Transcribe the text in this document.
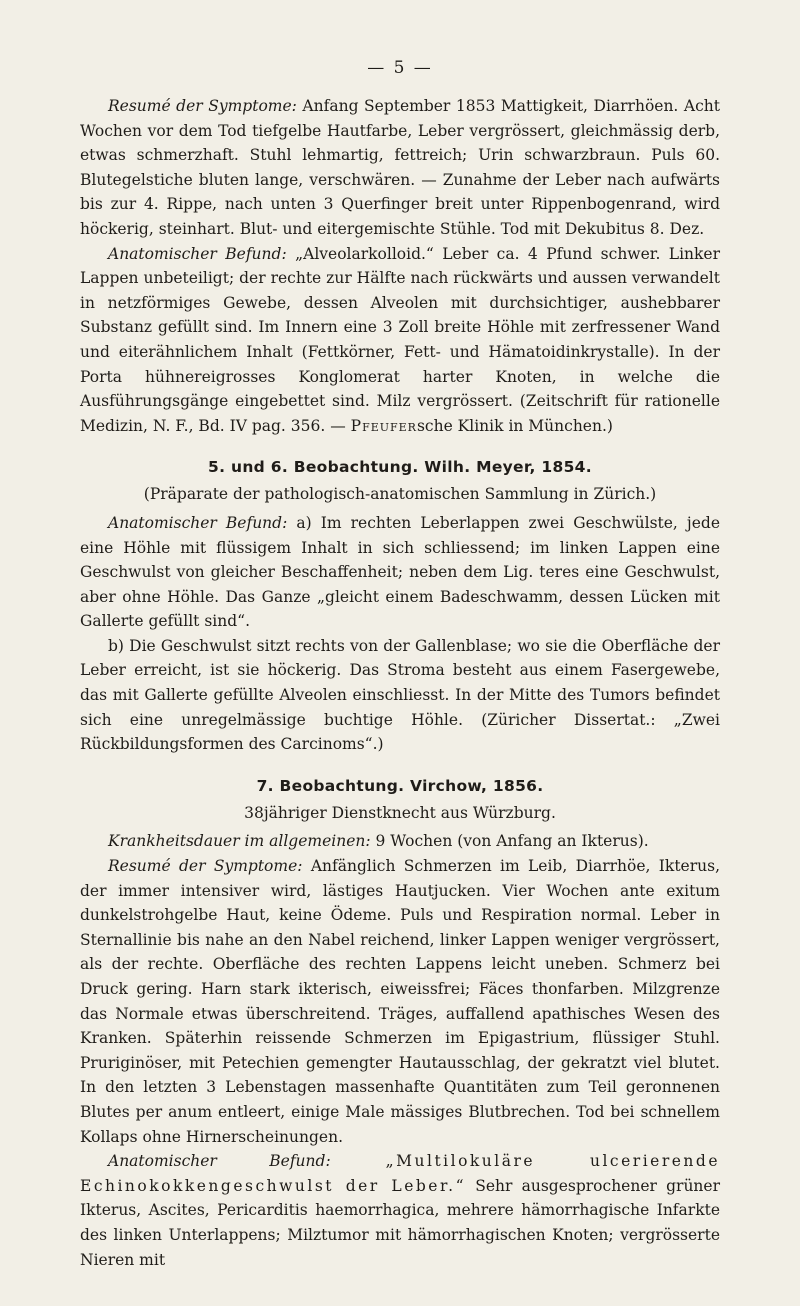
— 5 —

Resumé der Symptome: Anfang September 1853 Mattigkeit, Diarrhöen. Acht Wochen vor dem Tod tiefgelbe Hautfarbe, Leber vergrössert, gleichmässig derb, etwas schmerzhaft. Stuhl lehmartig, fettreich; Urin schwarzbraun. Puls 60. Blutegelstiche bluten lange, verschwären. — Zunahme der Leber nach aufwärts bis zur 4. Rippe, nach unten 3 Querfinger breit unter Rippenbogenrand, wird höckerig, steinhart. Blut- und eitergemischte Stühle. Tod mit Dekubitus 8. Dez.

Anatomischer Befund: „Alveolarkolloid.“ Leber ca. 4 Pfund schwer. Linker Lappen unbeteiligt; der rechte zur Hälfte nach rückwärts und aussen verwandelt in netzförmiges Gewebe, dessen Alveolen mit durchsichtiger, aushebbarer Substanz gefüllt sind. Im Innern eine 3 Zoll breite Höhle mit zerfressener Wand und eiterähnlichem Inhalt (Fettkörner, Fett- und Hämatoidinkrystalle). In der Porta hühnereigrosses Konglomerat harter Knoten, in welche die Ausführungsgänge eingebettet sind. Milz vergrössert. (Zeitschrift für rationelle Medizin, N. F., Bd. IV pag. 356. — Pfeufersche Klinik in München.)

5. und 6. Beobachtung. Wilh. Meyer, 1854.
(Präparate der pathologisch-anatomischen Sammlung in Zürich.)

Anatomischer Befund: a) Im rechten Leberlappen zwei Geschwülste, jede eine Höhle mit flüssigem Inhalt in sich schliessend; im linken Lappen eine Geschwulst von gleicher Beschaffenheit; neben dem Lig. teres eine Geschwulst, aber ohne Höhle. Das Ganze „gleicht einem Badeschwamm, dessen Lücken mit Gallerte gefüllt sind“.

b) Die Geschwulst sitzt rechts von der Gallenblase; wo sie die Oberfläche der Leber erreicht, ist sie höckerig. Das Stroma besteht aus einem Fasergewebe, das mit Gallerte gefüllte Alveolen einschliesst. In der Mitte des Tumors befindet sich eine unregelmässige buchtige Höhle. (Züricher Dissertat.: „Zwei Rückbildungsformen des Carcinoms“.)

7. Beobachtung. Virchow, 1856.
38jähriger Dienstknecht aus Würzburg.

Krankheitsdauer im allgemeinen: 9 Wochen (von Anfang an Ikterus).

Resumé der Symptome: Anfänglich Schmerzen im Leib, Diarrhöe, Ikterus, der immer intensiver wird, lästiges Hautjucken. Vier Wochen ante exitum dunkelstrohgelbe Haut, keine Ödeme. Puls und Respiration normal. Leber in Sternallinie bis nahe an den Nabel reichend, linker Lappen weniger vergrössert, als der rechte. Oberfläche des rechten Lappens leicht uneben. Schmerz bei Druck gering. Harn stark ikterisch, eiweissfrei; Fäces thonfarben. Milzgrenze das Normale etwas überschreitend. Träges, auffallend apathisches Wesen des Kranken. Späterhin reissende Schmerzen im Epigastrium, flüssiger Stuhl. Pruriginöser, mit Petechien gemengter Hautausschlag, der gekratzt viel blutet. In den letzten 3 Lebenstagen massenhafte Quantitäten zum Teil geronnenen Blutes per anum entleert, einige Male mässiges Blutbrechen. Tod bei schnellem Kollaps ohne Hirnerscheinungen.

Anatomischer Befund: „Multilokuläre ulcerierende Echinokokkengeschwulst der Leber.“ Sehr ausgesprochener grüner Ikterus, Ascites, Pericarditis haemorrhagica, mehrere hämorrhagische Infarkte des linken Unterlappens; Milztumor mit hämorrhagischen Knoten; vergrösserte Nieren mit
